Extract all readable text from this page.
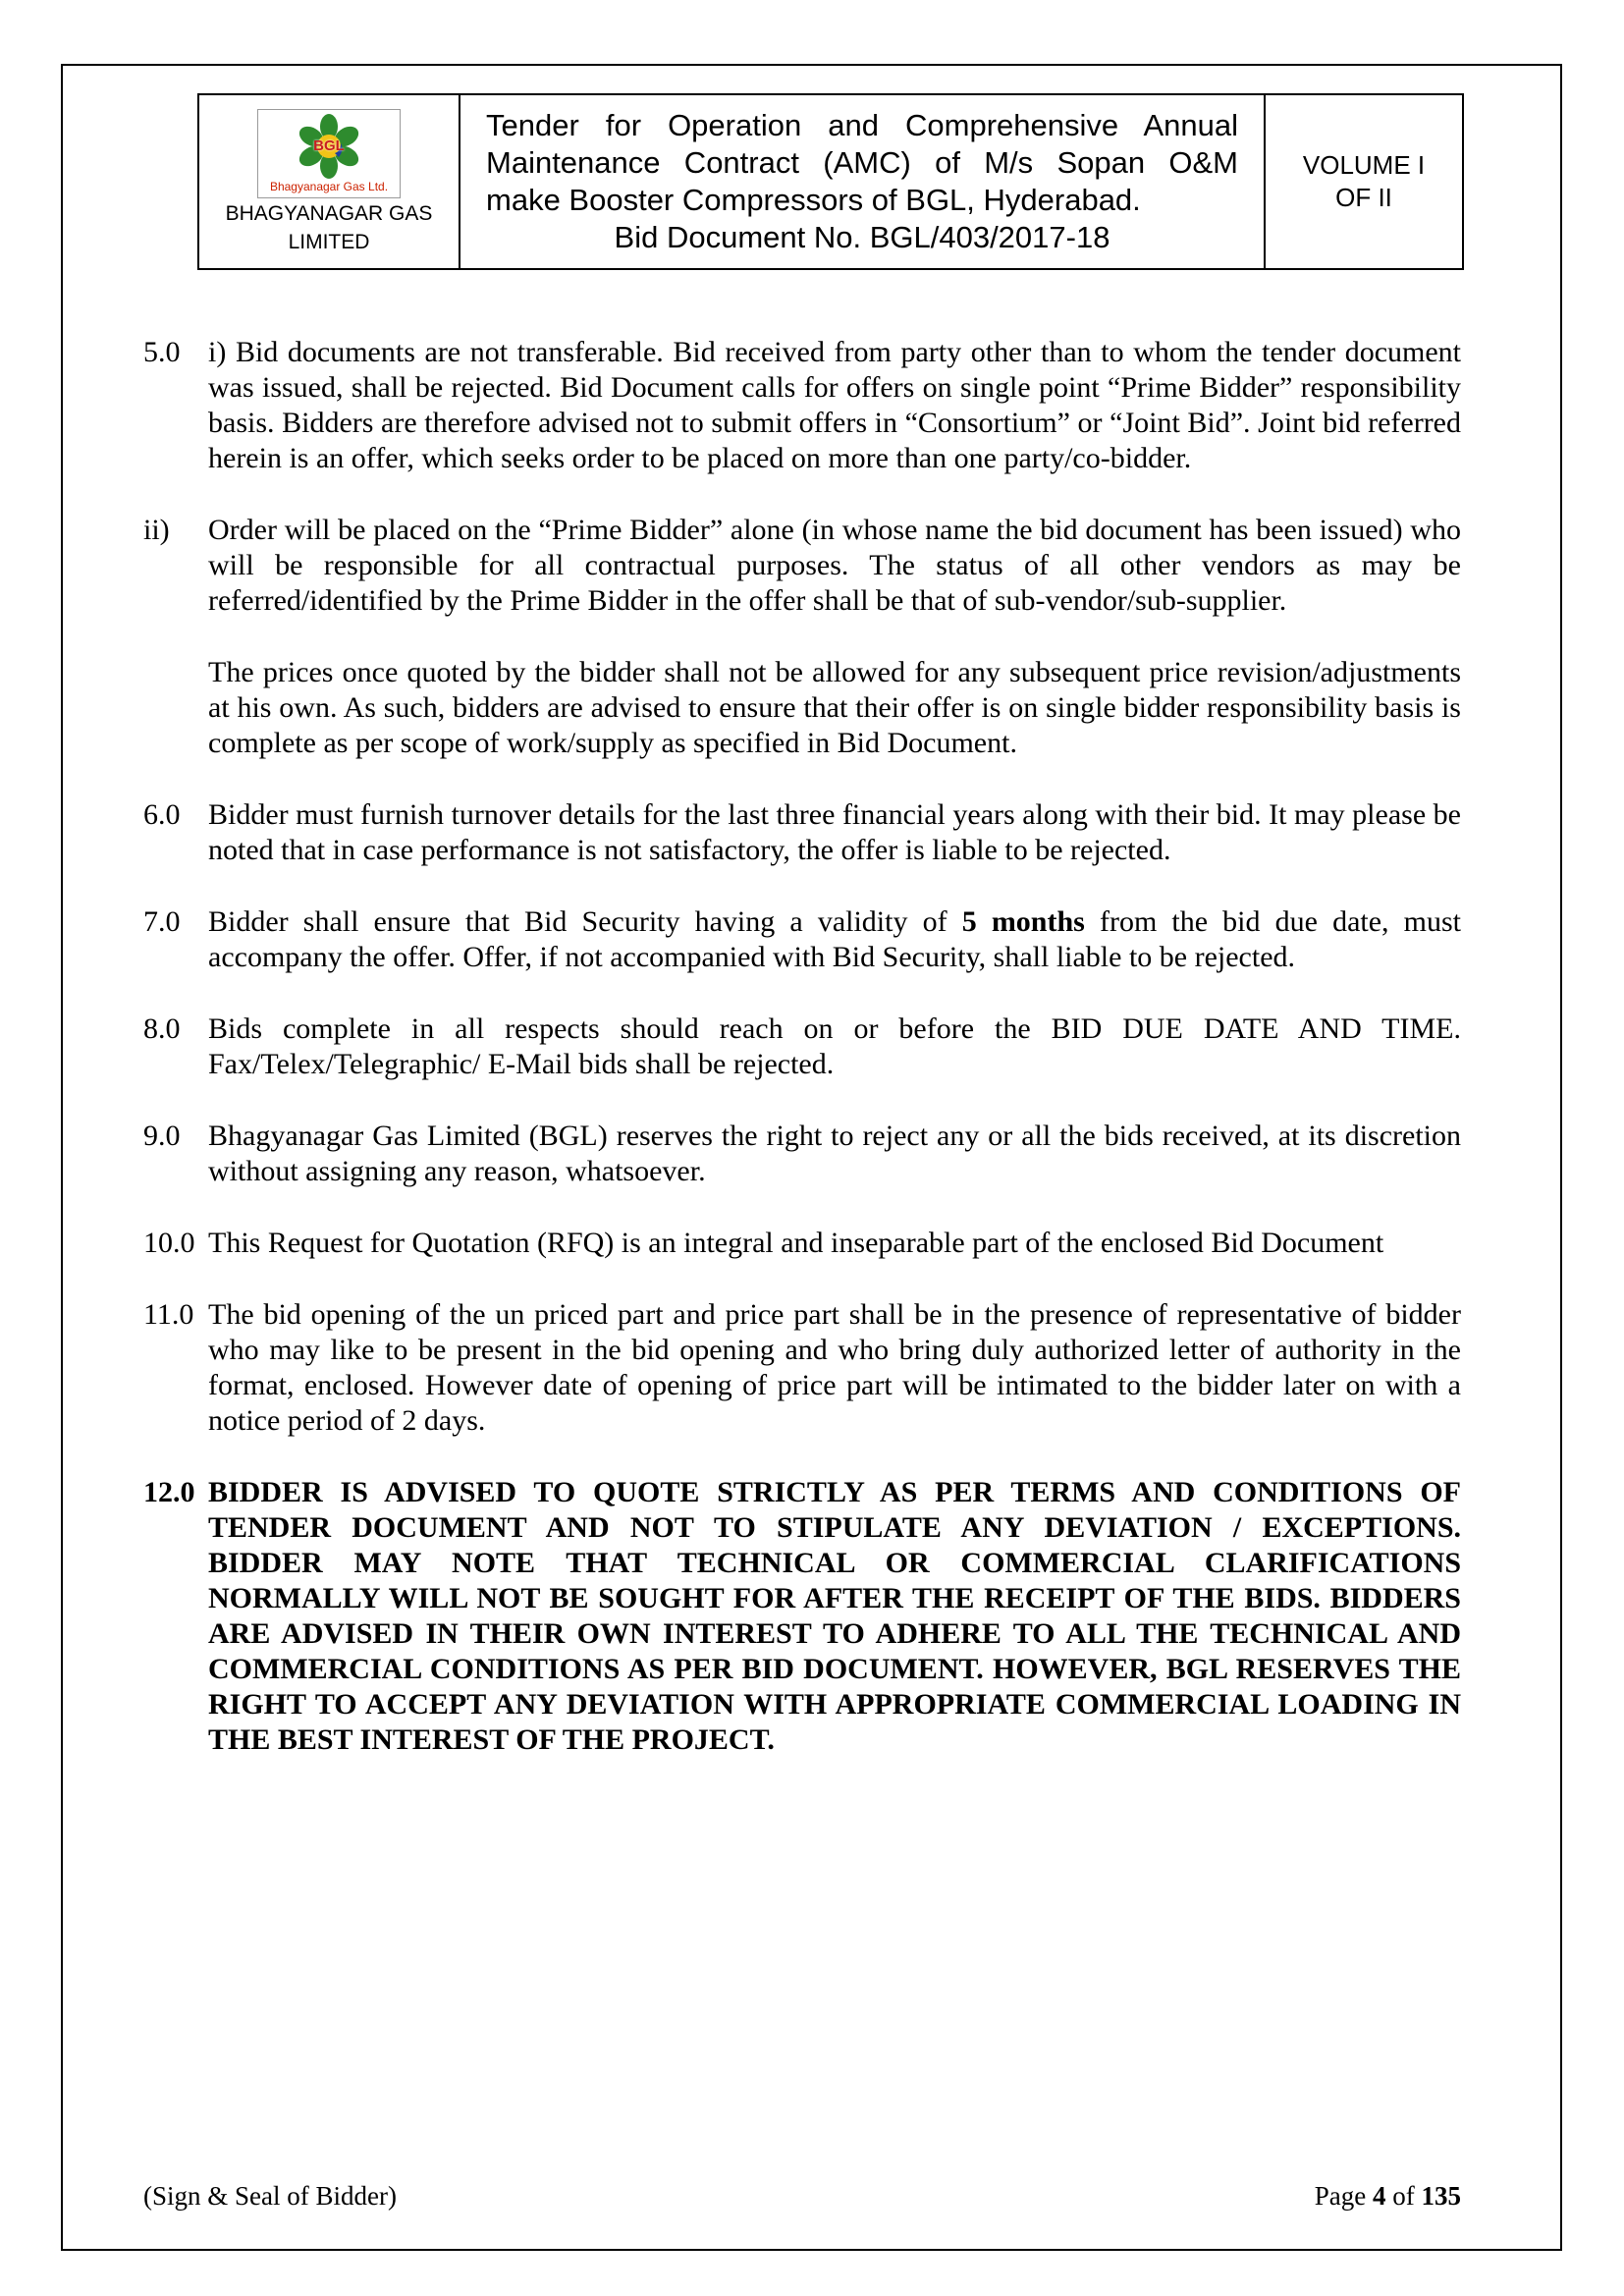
BGL
Bhagyanagar Gas Ltd.
BHAGYANAGAR GAS
LIMITED
Tender for Operation and Comprehensive Annual
Maintenance Contract (AMC) of M/s Sopan O&M
make Booster Compressors of BGL, Hyderabad.
Bid Document No. BGL/403/2017-18
VOLUME I
OF II
5.0 i) Bid documents are not transferable. Bid received from party other than to whom the tender document was issued, shall be rejected. Bid Document calls for offers on single point “Prime Bidder” responsibility basis. Bidders are therefore advised not to submit offers in “Consortium” or “Joint Bid”. Joint bid referred herein is an offer, which seeks order to be placed on more than one party/co-bidder.
ii)	Order will be placed on the “Prime Bidder” alone (in whose name the bid document has been issued) who will be responsible for all contractual purposes. The status of all other vendors as may be referred/identified by the Prime Bidder in the offer shall be that of sub-vendor/sub-supplier.
The prices once quoted by the bidder shall not be allowed for any subsequent price revision/adjustments at his own. As such, bidders are advised to ensure that their offer is on single bidder responsibility basis is complete as per scope of work/supply as specified in Bid Document.
6.0 Bidder must furnish turnover details for the last three financial years along with their bid. It may please be noted that in case performance is not satisfactory, the offer is liable to be rejected.
7.0 Bidder shall ensure that Bid Security having a validity of 5 months from the bid due date, must accompany the offer. Offer, if not accompanied with Bid Security, shall liable to be rejected.
8.0 Bids complete in all respects should reach on or before the BID DUE DATE AND TIME. Fax/Telex/Telegraphic/ E-Mail bids shall be rejected.
9.0 Bhagyanagar Gas Limited (BGL) reserves the right to reject any or all the bids received, at its discretion without assigning any reason, whatsoever.
10.0 This Request for Quotation (RFQ) is an integral and inseparable part of the enclosed Bid Document
11.0 The bid opening of the un priced part and price part shall be in the presence of representative of bidder who may like to be present in the bid opening and who bring duly authorized letter of authority in the format, enclosed. However date of opening of price part will be intimated to the bidder later on with a notice period of 2 days.
12.0 BIDDER IS ADVISED TO QUOTE STRICTLY AS PER TERMS AND CONDITIONS OF TENDER DOCUMENT AND NOT TO STIPULATE ANY DEVIATION / EXCEPTIONS. BIDDER MAY NOTE THAT TECHNICAL OR COMMERCIAL CLARIFICATIONS NORMALLY WILL NOT BE SOUGHT FOR AFTER THE RECEIPT OF THE BIDS. BIDDERS ARE ADVISED IN THEIR OWN INTEREST TO ADHERE TO ALL THE TECHNICAL AND COMMERCIAL CONDITIONS AS PER BID DOCUMENT. HOWEVER, BGL RESERVES THE RIGHT TO ACCEPT ANY DEVIATION WITH APPROPRIATE COMMERCIAL LOADING IN THE BEST INTEREST OF THE PROJECT.
(Sign & Seal of Bidder)	Page 4 of 135
